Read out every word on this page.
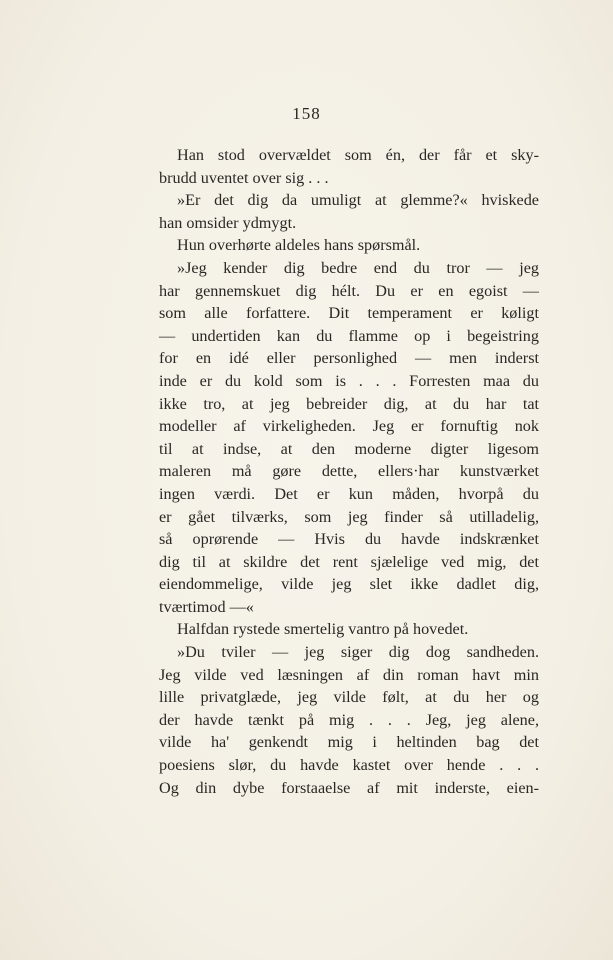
158
Han stod overvældet som én, der får et sky-
brudd uventet over sig . . .
»Er det dig da umuligt at glemme?« hviskede
han omsider ydmygt.
Hun overhørte aldeles hans spørsmål.
»Jeg kender dig bedre end du tror — jeg
har gennemskuet dig hélt. Du er en egoist —
som alle forfattere. Dit temperament er køligt
— undertiden kan du flamme op i begeistring
for en idé eller personlighed — men inderst
inde er du kold som is . . . Forresten maa du
ikke tro, at jeg bebreider dig, at du har tat
modeller af virkeligheden. Jeg er fornuftig nok
til at indse, at den moderne digter ligesom
maleren må gøre dette, ellers·har kunstværket
ingen værdi. Det er kun måden, hvorpå du
er gået tilværks, som jeg finder så utilladelig,
så oprørende — Hvis du havde indskrænket
dig til at skildre det rent sjælelige ved mig, det
eiendommelige, vilde jeg slet ikke dadlet dig,
tværtimod —«
Halfdan rystede smertelig vantro på hovedet.
»Du tviler — jeg siger dig dog sandheden.
Jeg vilde ved læsningen af din roman havt min
lille privatglæde, jeg vilde følt, at du her og
der havde tænkt på mig . . . Jeg, jeg alene,
vilde ha' genkendt mig i heltinden bag det
poesiens slør, du havde kastet over hende . . .
Og din dybe forstaaelse af mit inderste, eien-
